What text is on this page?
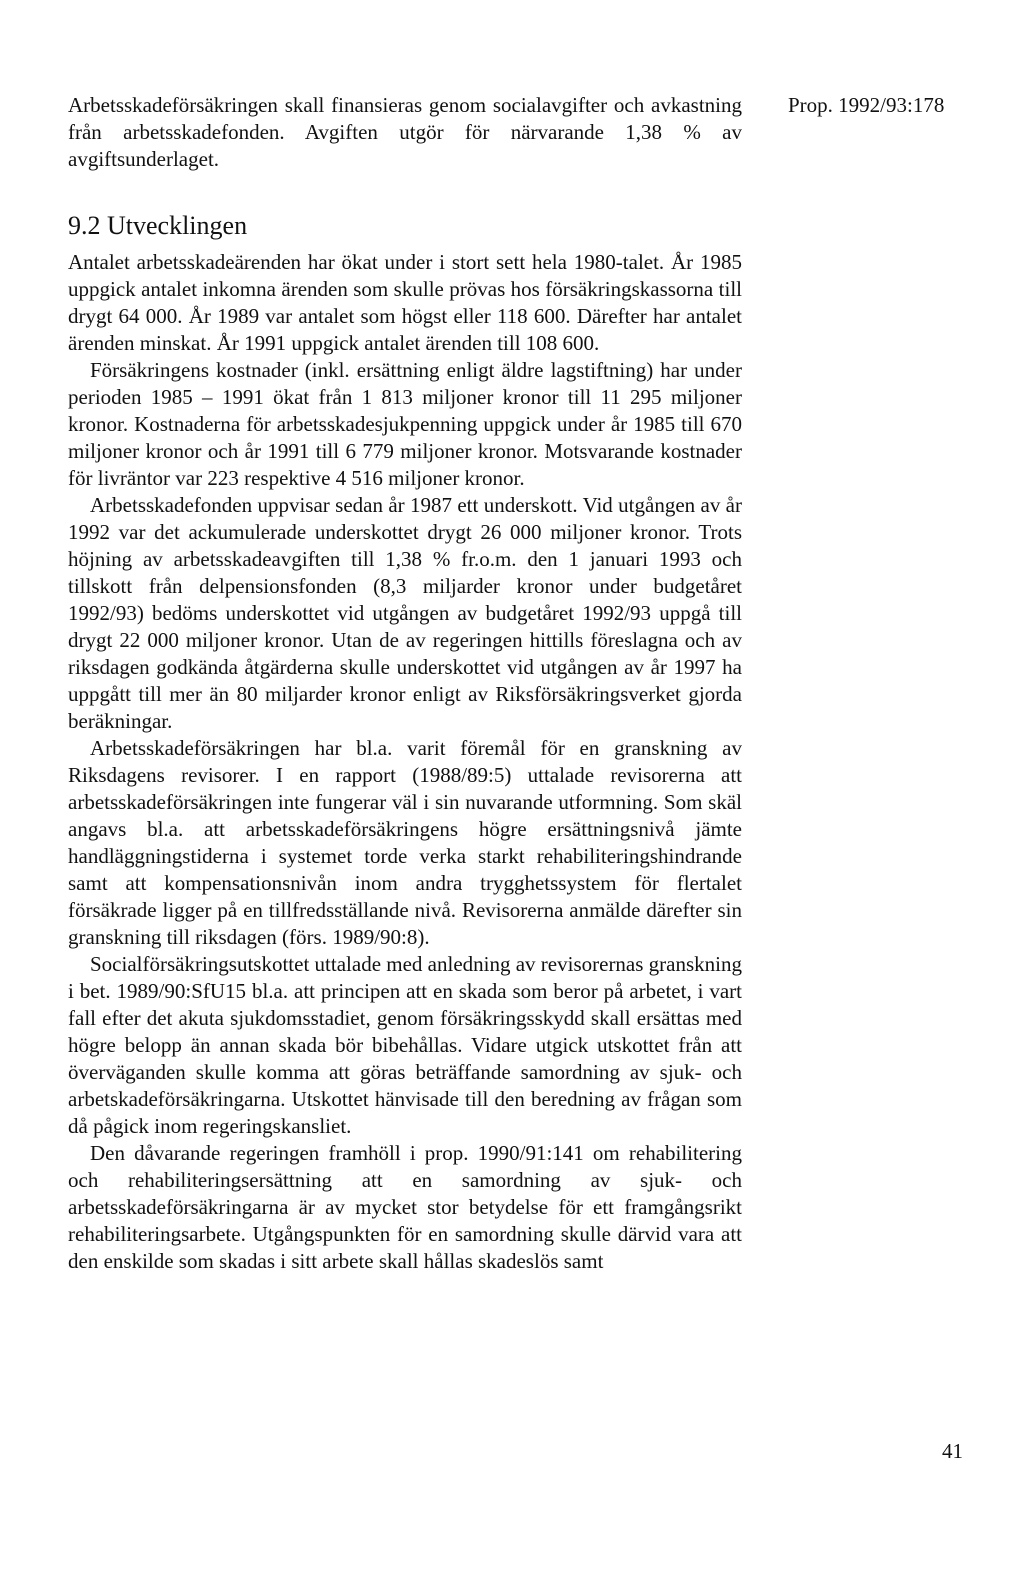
Prop. 1992/93:178

Arbetsskadeförsäkringen skall finansieras genom socialavgifter och avkastning från arbetsskadefonden. Avgiften utgör för närvarande 1,38 % av avgiftsunderlaget.

9.2 Utvecklingen

Antalet arbetsskadeärenden har ökat under i stort sett hela 1980-talet. År 1985 uppgick antalet inkomna ärenden som skulle prövas hos försäkringskassorna till drygt 64 000. År 1989 var antalet som högst eller 118 600. Därefter har antalet ärenden minskat. År 1991 uppgick antalet ärenden till 108 600.

Försäkringens kostnader (inkl. ersättning enligt äldre lagstiftning) har under perioden 1985 – 1991 ökat från 1 813 miljoner kronor till 11 295 miljoner kronor. Kostnaderna för arbetsskadesjukpenning uppgick under år 1985 till 670 miljoner kronor och år 1991 till 6 779 miljoner kronor. Motsvarande kostnader för livräntor var 223 respektive 4 516 miljoner kronor.

Arbetsskadefonden uppvisar sedan år 1987 ett underskott. Vid utgången av år 1992 var det ackumulerade underskottet drygt 26 000 miljoner kronor. Trots höjning av arbetsskadeavgiften till 1,38 % fr.o.m. den 1 januari 1993 och tillskott från delpensionsfonden (8,3 miljarder kronor under budgetåret 1992/93) bedöms underskottet vid utgången av budgetåret 1992/93 uppgå till drygt 22 000 miljoner kronor. Utan de av regeringen hittills föreslagna och av riksdagen godkända åtgärderna skulle underskottet vid utgången av år 1997 ha uppgått till mer än 80 miljarder kronor enligt av Riksförsäkringsverket gjorda beräkningar.

Arbetsskadeförsäkringen har bl.a. varit föremål för en granskning av Riksdagens revisorer. I en rapport (1988/89:5) uttalade revisorerna att arbetsskadeförsäkringen inte fungerar väl i sin nuvarande utformning. Som skäl angavs bl.a. att arbetsskadeförsäkringens högre ersättningsnivå jämte handläggningstiderna i systemet torde verka starkt rehabiliteringshindrande samt att kompensationsnivån inom andra trygghetssystem för flertalet försäkrade ligger på en tillfredsställande nivå. Revisorerna anmälde därefter sin granskning till riksdagen (förs. 1989/90:8).

Socialförsäkringsutskottet uttalade med anledning av revisorernas granskning i bet. 1989/90:SfU15 bl.a. att principen att en skada som beror på arbetet, i vart fall efter det akuta sjukdomsstadiet, genom försäkringsskydd skall ersättas med högre belopp än annan skada bör bibehållas. Vidare utgick utskottet från att överväganden skulle komma att göras beträffande samordning av sjuk- och arbetskadeförsäkringarna. Utskottet hänvisade till den beredning av frågan som då pågick inom regeringskansliet.

Den dåvarande regeringen framhöll i prop. 1990/91:141 om rehabilitering och rehabiliteringsersättning att en samordning av sjuk- och arbetsskadeförsäkringarna är av mycket stor betydelse för ett framgångsrikt rehabiliteringsarbete. Utgångspunkten för en samordning skulle därvid vara att den enskilde som skadas i sitt arbete skall hållas skadeslös samt

41
